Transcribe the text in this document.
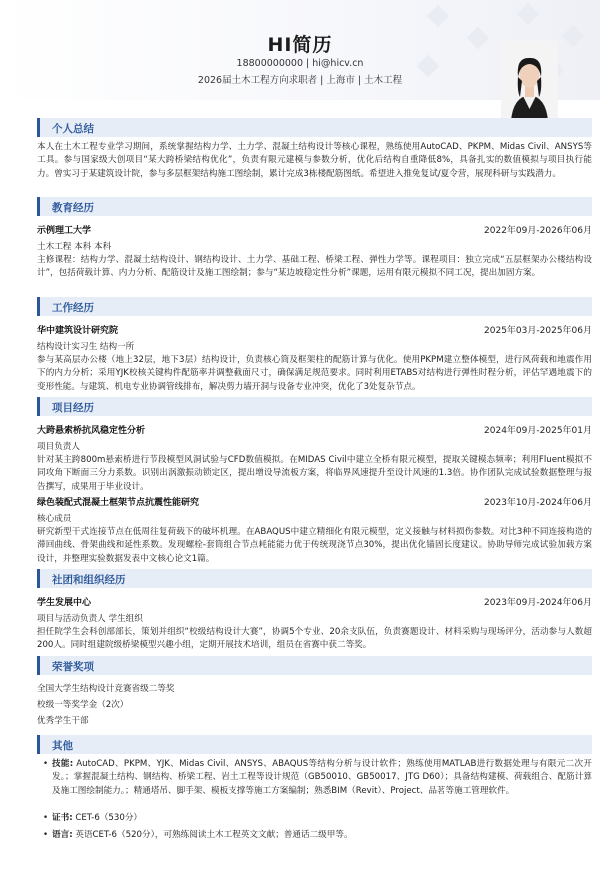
HI简历
18800000000 | hi@hicv.cn
2026届土木工程方向求职者 | 上海市 | 土木工程
个人总结
本人在土木工程专业学习期间，系统掌握结构力学、土力学、混凝土结构设计等核心课程，熟练使用AutoCAD、PKPM、Midas Civil、ANSYS等工具。参与国家级大创项目“某大跨桥梁结构优化”，负责有限元建模与参数分析，优化后结构自重降低8%，具备扎实的数值模拟与项目执行能力。曾实习于某建筑设计院，参与多层框架结构施工图绘制，累计完成3栋楼配筋图纸。希望进入推免复试/夏令营，展现科研与实践潜力。
教育经历
示例理工大学	2022年09月-2026年06月
土木工程 本科 本科
主修课程：结构力学、混凝土结构设计、钢结构设计、土力学、基础工程、桥梁工程、弹性力学等。课程项目：独立完成“五层框架办公楼结构设计”，包括荷载计算、内力分析、配筋设计及施工图绘制；参与“某边坡稳定性分析”课题，运用有限元模拟不同工况，提出加固方案。
工作经历
华中建筑设计研究院	2025年03月-2025年06月
结构设计实习生 结构一所
参与某高层办公楼（地上32层，地下3层）结构设计，负责核心筒及框架柱的配筋计算与优化。使用PKPM建立整体模型，进行风荷载和地震作用下的内力分析；采用YJK校核关键构件配筋率并调整截面尺寸，确保满足规范要求。同时利用ETABS对结构进行弹性时程分析，评估罕遇地震下的变形性能。与建筑、机电专业协调管线排布，解决剪力墙开洞与设备专业冲突，优化了3处复杂节点。
项目经历
大跨悬索桥抗风稳定性分析	2024年09月-2025年01月
项目负责人
针对某主跨800m悬索桥进行节段模型风洞试验与CFD数值模拟。在MIDAS Civil中建立全桥有限元模型，提取关键模态频率；利用Fluent模拟不同攻角下断面三分力系数。识别出涡激振动锁定区，提出增设导流板方案，将临界风速提升至设计风速的1.3倍。协作团队完成试验数据整理与报告撰写，成果用于毕业设计。
绿色装配式混凝土框架节点抗震性能研究	2023年10月-2024年06月
核心成员
研究新型干式连接节点在低周往复荷载下的破坏机理。在ABAQUS中建立精细化有限元模型，定义接触与材料损伤参数。对比3种不同连接构造的滞回曲线、骨架曲线和延性系数。发现螺栓-套筒组合节点耗能能力优于传统现浇节点30%，提出优化锚固长度建议。协助导师完成试验加载方案设计，并整理实验数据发表中文核心论文1篇。
社团和组织经历
学生发展中心	2023年09月-2024年06月
项目与活动负责人 学生组织
担任院学生会科创部部长，策划并组织“校级结构设计大赛”，协调5个专业、20余支队伍，负责赛题设计、材料采购与现场评分，活动参与人数超200人。同时组建院级桥梁模型兴趣小组，定期开展技术培训，组员在省赛中获二等奖。
荣誉奖项
全国大学生结构设计竞赛省级二等奖
校级一等奖学金（2次）
优秀学生干部
其他
• 技能: AutoCAD、PKPM、YJK、Midas Civil、ANSYS、ABAQUS等结构分析与设计软件；熟练使用MATLAB进行数据处理与有限元二次开发。；掌握混凝土结构、钢结构、桥梁工程、岩土工程等设计规范（GB50010、GB50017、JTG D60）；具备结构建模、荷载组合、配筋计算及施工图绘制能力。；精通塔吊、脚手架、模板支撑等施工方案编制；熟悉BIM（Revit）、Project、品茗等施工管理软件。
• 证书: CET-6（530分）
• 语言: 英语CET-6（520分），可熟练阅读土木工程英文文献；普通话二级甲等。
